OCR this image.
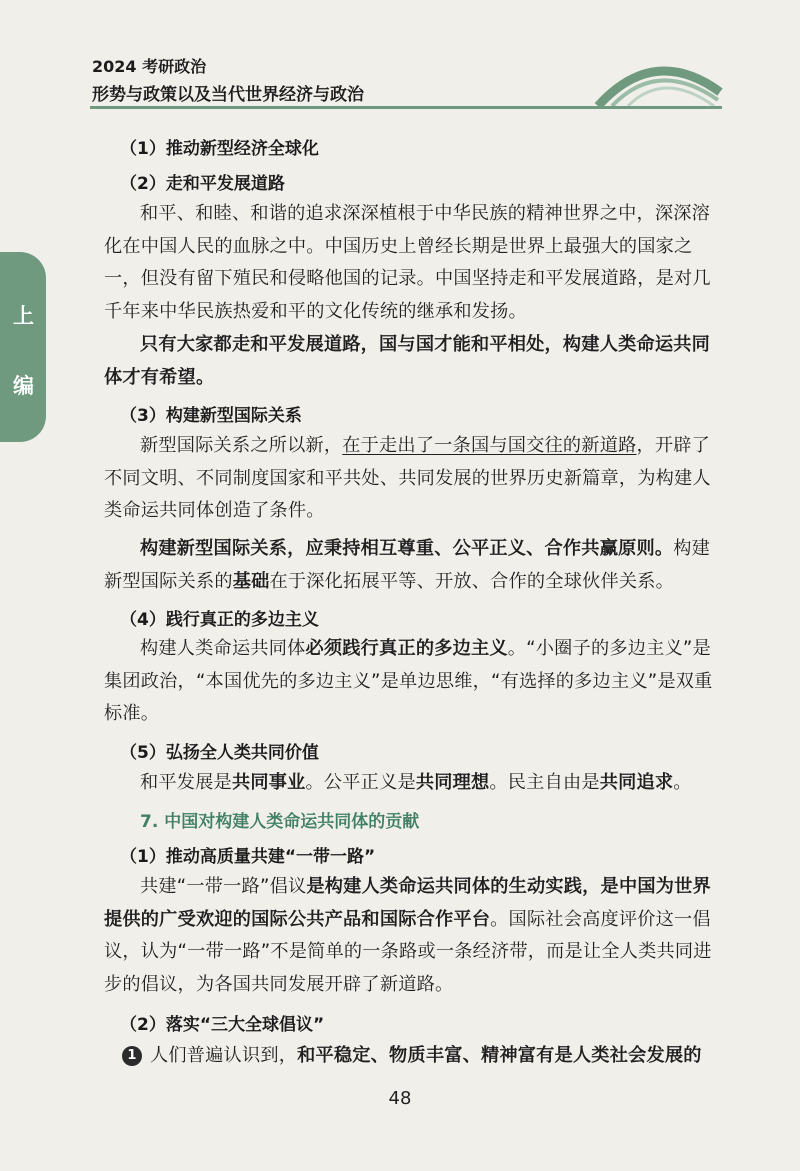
2024 考研政治
形势与政策以及当代世界经济与政治
上
编
（1）推动新型经济全球化
（2）走和平发展道路
和平、和睦、和谐的追求深深植根于中华民族的精神世界之中，深深溶化在中国人民的血脉之中。中国历史上曾经长期是世界上最强大的国家之一，但没有留下殖民和侵略他国的记录。中国坚持走和平发展道路，是对几千年来中华民族热爱和平的文化传统的继承和发扬。
只有大家都走和平发展道路，国与国才能和平相处，构建人类命运共同体才有希望。
（3）构建新型国际关系
新型国际关系之所以新，在于走出了一条国与国交往的新道路，开辟了不同文明、不同制度国家和平共处、共同发展的世界历史新篇章，为构建人类命运共同体创造了条件。
构建新型国际关系，应秉持相互尊重、公平正义、合作共赢原则。构建新型国际关系的基础在于深化拓展平等、开放、合作的全球伙伴关系。
（4）践行真正的多边主义
构建人类命运共同体必须践行真正的多边主义。“小圈子的多边主义”是集团政治，“本国优先的多边主义”是单边思维，“有选择的多边主义”是双重标准。
（5）弘扬全人类共同价值
和平发展是共同事业。公平正义是共同理想。民主自由是共同追求。
7. 中国对构建人类命运共同体的贡献
（1）推动高质量共建“一带一路”
共建“一带一路”倡议是构建人类命运共同体的生动实践，是中国为世界提供的广受欢迎的国际公共产品和国际合作平台。国际社会高度评价这一倡议，认为“一带一路”不是简单的一条路或一条经济带，而是让全人类共同进步的倡议，为各国共同发展开辟了新道路。
（2）落实“三大全球倡议”
1 人们普遍认识到，和平稳定、物质丰富、精神富有是人类社会发展的
48
